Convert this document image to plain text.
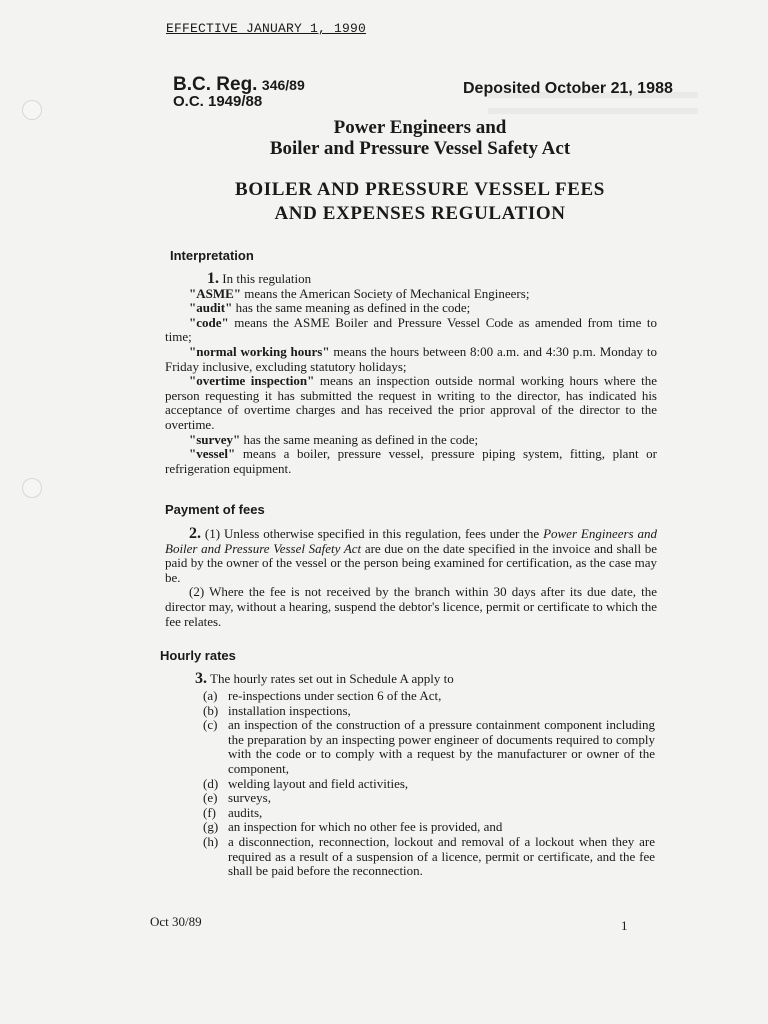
EFFECTIVE JANUARY 1, 1990
B.C. Reg. 346/89
O.C. 1949/88
Deposited October 21, 1988
Power Engineers and
Boiler and Pressure Vessel Safety Act
BOILER AND PRESSURE VESSEL FEES
AND EXPENSES REGULATION
Interpretation

1. In this regulation

"ASME" means the American Society of Mechanical Engineers;

"audit" has the same meaning as defined in the code;

"code" means the ASME Boiler and Pressure Vessel Code as amended from time to time;

"normal working hours" means the hours between 8:00 a.m. and 4:30 p.m. Monday to Friday inclusive, excluding statutory holidays;

"overtime inspection" means an inspection outside normal working hours where the person requesting it has submitted the request in writing to the director, has indicated his acceptance of overtime charges and has received the prior approval of the director to the overtime.

"survey" has the same meaning as defined in the code;

"vessel" means a boiler, pressure vessel, pressure piping system, fitting, plant or refrigeration equipment.

Payment of fees

2. (1) Unless otherwise specified in this regulation, fees under the Power Engineers and Boiler and Pressure Vessel Safety Act are due on the date specified in the invoice and shall be paid by the owner of the vessel or the person being examined for certification, as the case may be.

(2) Where the fee is not received by the branch within 30 days after its due date, the director may, without a hearing, suspend the debtor's licence, permit or certificate to which the fee relates.

Hourly rates

3. The hourly rates set out in Schedule A apply to

(a) re-inspections under section 6 of the Act,
(b) installation inspections,
(c) an inspection of the construction of a pressure containment component including the preparation by an inspecting power engineer of documents required to comply with the code or to comply with a request by the manufacturer or owner of the component,
(d) welding layout and field activities,
(e) surveys,
(f) audits,
(g) an inspection for which no other fee is provided, and
(h) a disconnection, reconnection, lockout and removal of a lockout when they are required as a result of a suspension of a licence, permit or certificate, and the fee shall be paid before the reconnection.
Oct 30/89	1
